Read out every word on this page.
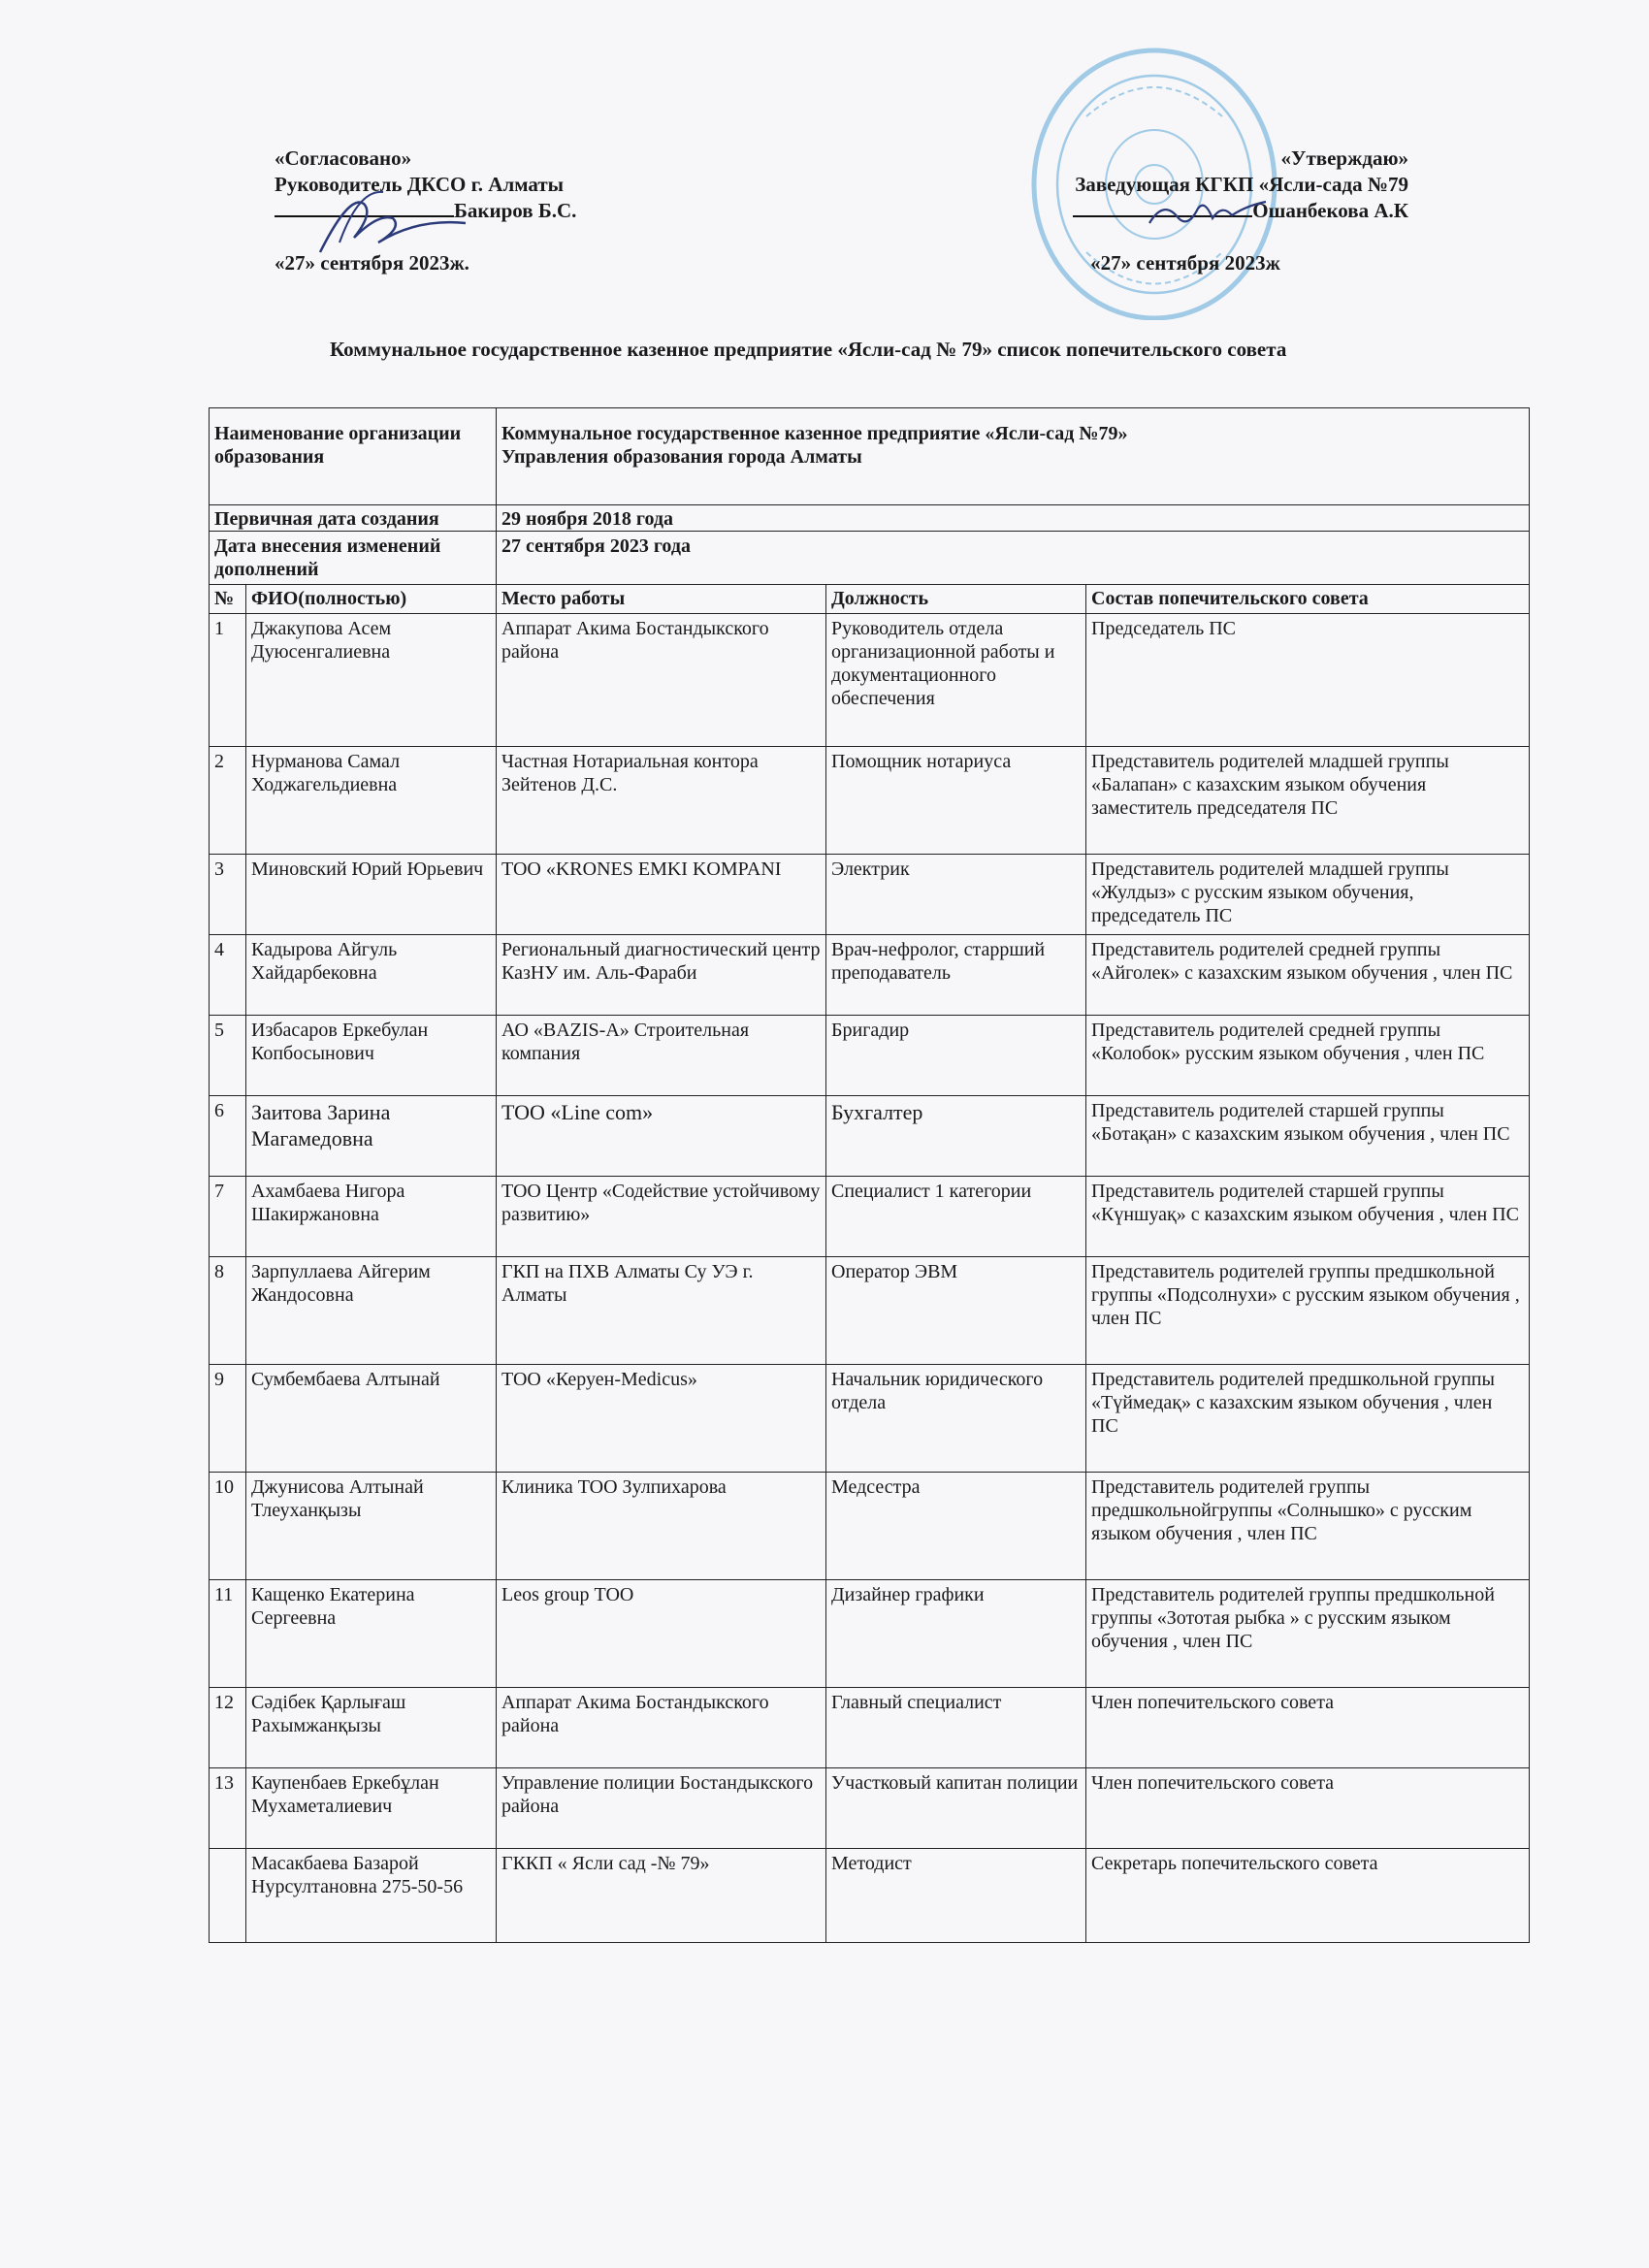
«Согласовано»
Руководитель ДКСО г. Алматы
Бакиров Б.С.
«27» сентября 2023ж.
«Утверждаю»
Заведующая КГКП «Ясли-сада №79
Ошанбекова А.К
«27» сентября 2023ж
Коммунальное государственное казенное предприятие «Ясли-сад № 79» список попечительского совета
Наименование организации образования		Коммунальное государственное казенное предприятие «Ясли-сад №79»
Управления образования города Алматы		

Первичная дата создания		29 ноября 2018 года		
Дата внесения изменений дополнений		27 сентября 2023 года		
№	ФИО(полностью)	Место работы	Должность	Состав попечительского совета
1	Джакупова Асем Дуюсенгалиевна	Аппарат Акима Бостандыкского района	Руководитель отдела организационной работы и документационного обеспечения	Председатель ПС
2	Нурманова Самал Ходжагельдиевна	Частная Нотариальная контора Зейтенов Д.С.	Помощник нотариуса	Представитель родителей младшей группы «Балапан» с казахским языком обучения заместитель председателя ПС
3	Миновский Юрий Юрьевич	ТОО «KRONES EMKI KOMPANI	Электрик	Представитель родителей младшей группы «Жулдыз» с русским языком обучения, председатель ПС
4	Кадырова Айгуль Хайдарбековна	Региональный диагностический центр КазНУ им. Аль-Фараби	Врач-нефролог, старрший преподаватель	Представитель родителей средней группы «Айголек» с казахским языком обучения , член ПС
5	Избасаров Еркебулан Копбосынович	АО «BAZIS-A» Строительная компания	Бригадир	Представитель родителей средней группы «Колобок» русским языком обучения , член ПС
6	Заитова Зарина Магамедовна	ТОО «Line com»	Бухгалтер	Представитель родителей старшей группы «Ботақан» с казахским языком обучения , член ПС
7	Ахамбаева Нигора Шакиржановна	ТОО Центр «Содействие устойчивому развитию»	Специалист 1 категории	Представитель родителей старшей группы «Күншуақ» с казахским языком обучения , член ПС
8	Зарпуллаева Айгерим Жандосовна	ГКП на ПХВ Алматы Су УЭ г. Алматы	Оператор ЭВМ	Представитель родителей группы предшкольной группы «Подсолнухи» с русским языком обучения , член ПС
9	Сумбембаева Алтынай	ТОО «Керуен-Medicus»	Начальник юридического отдела	Представитель родителей предшкольной группы «Түймедақ» с казахским языком обучения , член ПС
10	Джунисова Алтынай Тлеуханқызы	Клиника ТОО Зулпихарова	Медсестра	Представитель родителей группы предшкольнойгруппы «Солнышко» с русским языком обучения , член ПС
11	Кащенко Екатерина Сергеевна	Leos group ТОО	Дизайнер графики	Представитель родителей группы предшкольной группы «Зототая рыбка » с русским языком обучения , член ПС
12	Сәдібек Қарлығаш Рахымжанқызы	Аппарат Акима Бостандыкского района	Главный специалист	Член попечительского совета
13	Каупенбаев Еркебұлан Мухаметалиевич	Управление полиции Бостандыкского района	Участковый капитан полиции	Член попечительского совета
	Масакбаева Базарой Нурсултановна 275-50-56	ГККП « Ясли сад -№ 79»	Методист	Секретарь попечительского совета
